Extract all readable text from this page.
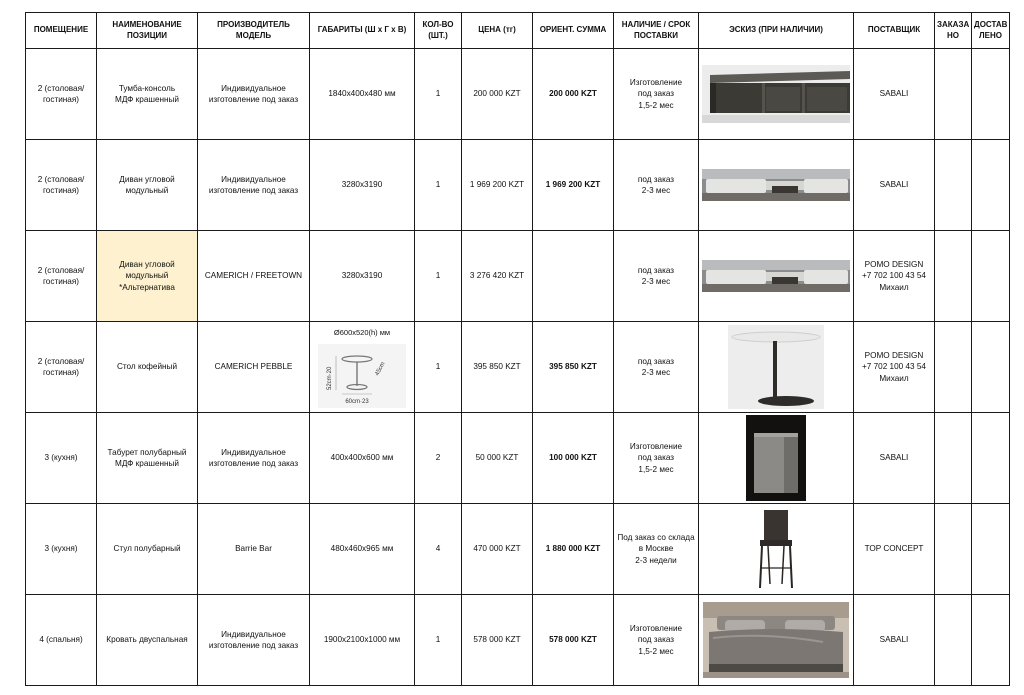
ПОМЕЩЕНИЕ	НАИМЕНОВАНИЕ ПОЗИЦИИ	ПРОИЗВОДИТЕЛЬ МОДЕЛЬ	ГАБАРИТЫ (Ш х Г х В)	КОЛ-ВО (ШТ.)	ЦЕНА (тг)	ОРИЕНТ. СУММА	НАЛИЧИЕ / СРОК ПОСТАВКИ	ЭСКИЗ (ПРИ НАЛИЧИИ)	ПОСТАВЩИК	ЗАКАЗА НО	ДОСТАВ ЛЕНО
2 (столовая/
гостиная)	Тумба-консоль
МДФ крашенный	Индивидуальное
изготовление под заказ	1840х400х480 мм	1	200 000 KZT	200 000 KZT	Изготовление
под заказ
1,5-2 мес		SABALI		
2 (столовая/
гостиная)	Диван угловой
модульный	Индивидуальное
изготовление под заказ	3280х3190	1	1 969 200 KZT	1 969 200 KZT	под заказ
2-3 мес		SABALI		
2 (столовая/
гостиная)	Диван угловой
модульный
*Альтернатива	CAMERICH / FREETOWN	3280х3190	1	3 276 420 KZT		под заказ
2-3 мес		POMO DESIGN
+7 702 100 43 54
Михаил		
2 (столовая/
гостиная)	Стол кофейный	CAMERICH PEBBLE	Ø600х520(h) мм
52cm·20 45cm
60cm·23	1	395 850 KZT	395 850 KZT	под заказ
2-3 мес		POMO DESIGN
+7 702 100 43 54
Михаил		
3 (кухня)	Табурет полубарный
МДФ крашенный	Индивидуальное
изготовление под заказ	400х400х600 мм	2	50 000 KZT	100 000 KZT	Изготовление
под заказ
1,5-2 мес		SABALI		
3 (кухня)	Стул полубарный	Barrie Bar	480х460х965 мм	4	470 000 KZT	1 880 000 KZT	Под заказ со склада
в Москве
2-3 недели		TOP CONCEPT		
4 (спальня)	Кровать двуспальная	Индивидуальное
изготовление под заказ	1900х2100х1000 мм	1	578 000 KZT	578 000 KZT	Изготовление
под заказ
1,5-2 мес		SABALI		
